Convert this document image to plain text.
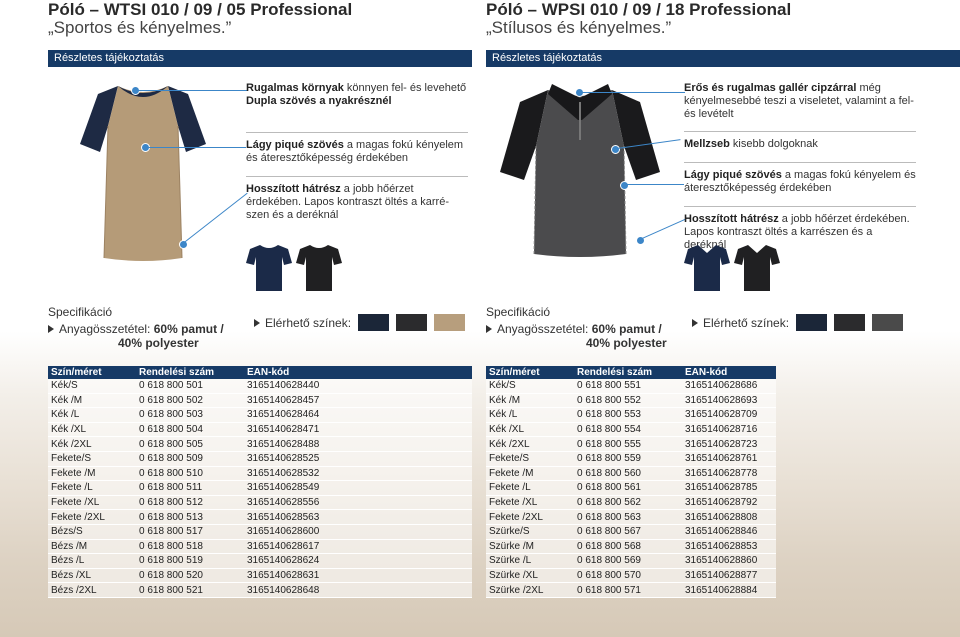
Póló – WTSI 010 / 09 / 05 Professional
„Sportos és kényelmes.”
Részletes tájékoztatás
Rugalmas környak könnyen fel- és levehető
Dupla szövés a nyakrésznél
Lágy piqué szövés a magas fokú kényelem és áteresztőképesség érdekében
Hosszított hátrész a jobb hőérzet érdekében. Lapos kontraszt öltés a karré-szen és a deréknál
Specifikáció
Anyagösszetétel:
60% pamut /
40% polyester
Elérhető színek:
Szín/méret	Rendelési szám	EAN-kód
Kék/S	0 618 800 501	3165140628440
Kék /M	0 618 800 502	3165140628457
Kék /L	0 618 800 503	3165140628464
Kék /XL	0 618 800 504	3165140628471
Kék /2XL	0 618 800 505	3165140628488
Fekete/S	0 618 800 509	3165140628525
Fekete /M	0 618 800 510	3165140628532
Fekete /L	0 618 800 511	3165140628549
Fekete /XL	0 618 800 512	3165140628556
Fekete /2XL	0 618 800 513	3165140628563
Bézs/S	0 618 800 517	3165140628600
Bézs /M	0 618 800 518	3165140628617
Bézs /L	0 618 800 519	3165140628624
Bézs /XL	0 618 800 520	3165140628631
Bézs /2XL	0 618 800 521	3165140628648
Póló – WPSI 010 / 09 / 18 Professional
„Stílusos és kényelmes.”
Részletes tájékoztatás
Erős és rugalmas gallér cipzárral még kényelmesebbé teszi a viseletet, valamint a fel- és levételt
Mellzseb kisebb dolgoknak
Lágy piqué szövés a magas fokú kényelem és áteresztőképesség érdekében
Hosszított hátrész a jobb hőérzet érdekében. Lapos kontraszt öltés a karrészen és a deréknál
Specifikáció
Anyagösszetétel:
60% pamut /
40% polyester
Elérhető színek:
Szín/méret	Rendelési szám	EAN-kód
Kék/S	0 618 800 551	3165140628686
Kék /M	0 618 800 552	3165140628693
Kék /L	0 618 800 553	3165140628709
Kék /XL	0 618 800 554	3165140628716
Kék /2XL	0 618 800 555	3165140628723
Fekete/S	0 618 800 559	3165140628761
Fekete /M	0 618 800 560	3165140628778
Fekete /L	0 618 800 561	3165140628785
Fekete /XL	0 618 800 562	3165140628792
Fekete /2XL	0 618 800 563	3165140628808
Szürke/S	0 618 800 567	3165140628846
Szürke /M	0 618 800 568	3165140628853
Szürke /L	0 618 800 569	3165140628860
Szürke /XL	0 618 800 570	3165140628877
Szürke /2XL	0 618 800 571	3165140628884
